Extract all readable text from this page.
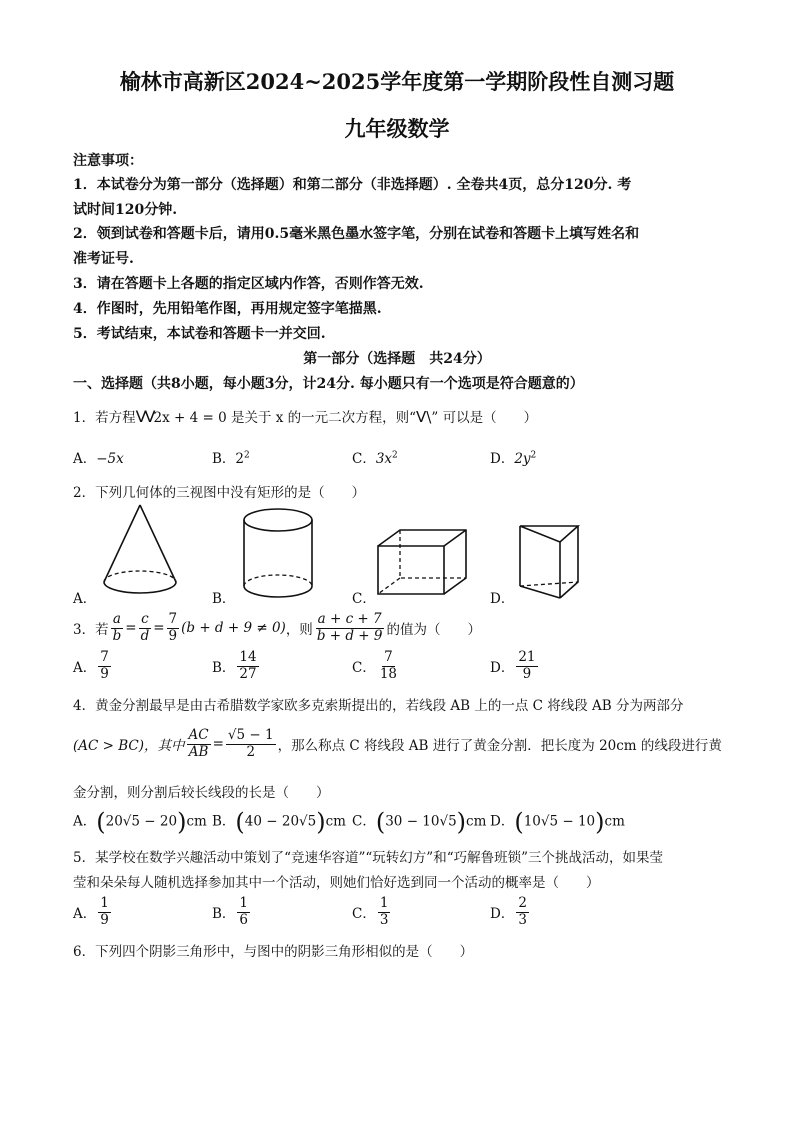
榆林市高新区2024~2025学年度第一学期阶段性自测习题
九年级数学
注意事项：
1．本试卷分为第一部分（选择题）和第二部分（非选择题）. 全卷共4页，总分120分. 考
试时间120分钟.
2．领到试卷和答题卡后，请用0.5毫米黑色墨水签字笔，分别在试卷和答题卡上填写姓名和
准考证号.
3．请在答题卡上各题的指定区域内作答，否则作答无效.
4．作图时，先用铅笔作图，再用规定签字笔描黑.
5．考试结束，本试卷和答题卡一并交回.
第一部分（选择题　共24分）
一、选择题（共8小题，每小题3分，计24分. 每小题只有一个选项是符合题意的）
1．若方程VV2x + 4 = 0 是关于 x 的一元二次方程，则“V\” 可以是（　　）
A．−5x	B．$2^2$	C．$3x^2$	D．$2y^2$
2．下列几何体的三视图中没有矩形的是（　　）
A．	B．	C．	D．
3．若 $\frac{a}{b} = \frac{c}{d} = \frac{7}{9} (b + d + 9 \ne 0)$ ，则 $\frac{a + c + 7}{b + d + 9}$ 的值为（　　）
A． $\frac{7}{9}$	B． $\frac{14}{27}$	C． $\frac{7}{18}$	D． $\frac{21}{9}$
4．黄金分割最早是由古希腊数学家欧多克索斯提出的，若线段 AB 上的一点 C 将线段 AB 分为两部分
(AC > BC)，其中 $\frac{AC}{AB} = \frac{√5 - 1}{2}$ ，那么称点 C 将线段 AB 进行了黄金分割．把长度为 20cm 的线段进行黄
金分割，则分割后较长线段的长是（　　）
A．(20√5 − 20)cm B．(40 − 20√5)cm C．(30 − 10√5)cm D．(10√5 − 10)cm
5．某学校在数学兴趣活动中策划了“竞速华容道”“玩转幻方”和“巧解鲁班锁”三个挑战活动，如果莹
莹和朵朵每人随机选择参加其中一个活动，则她们恰好选到同一个活动的概率是（　　）
A． $\frac{1}{9}$	B． $\frac{1}{6}$	C． $\frac{1}{3}$	D． $\frac{2}{3}$
6．下列四个阴影三角形中，与图中的阴影三角形相似的是（　　）
